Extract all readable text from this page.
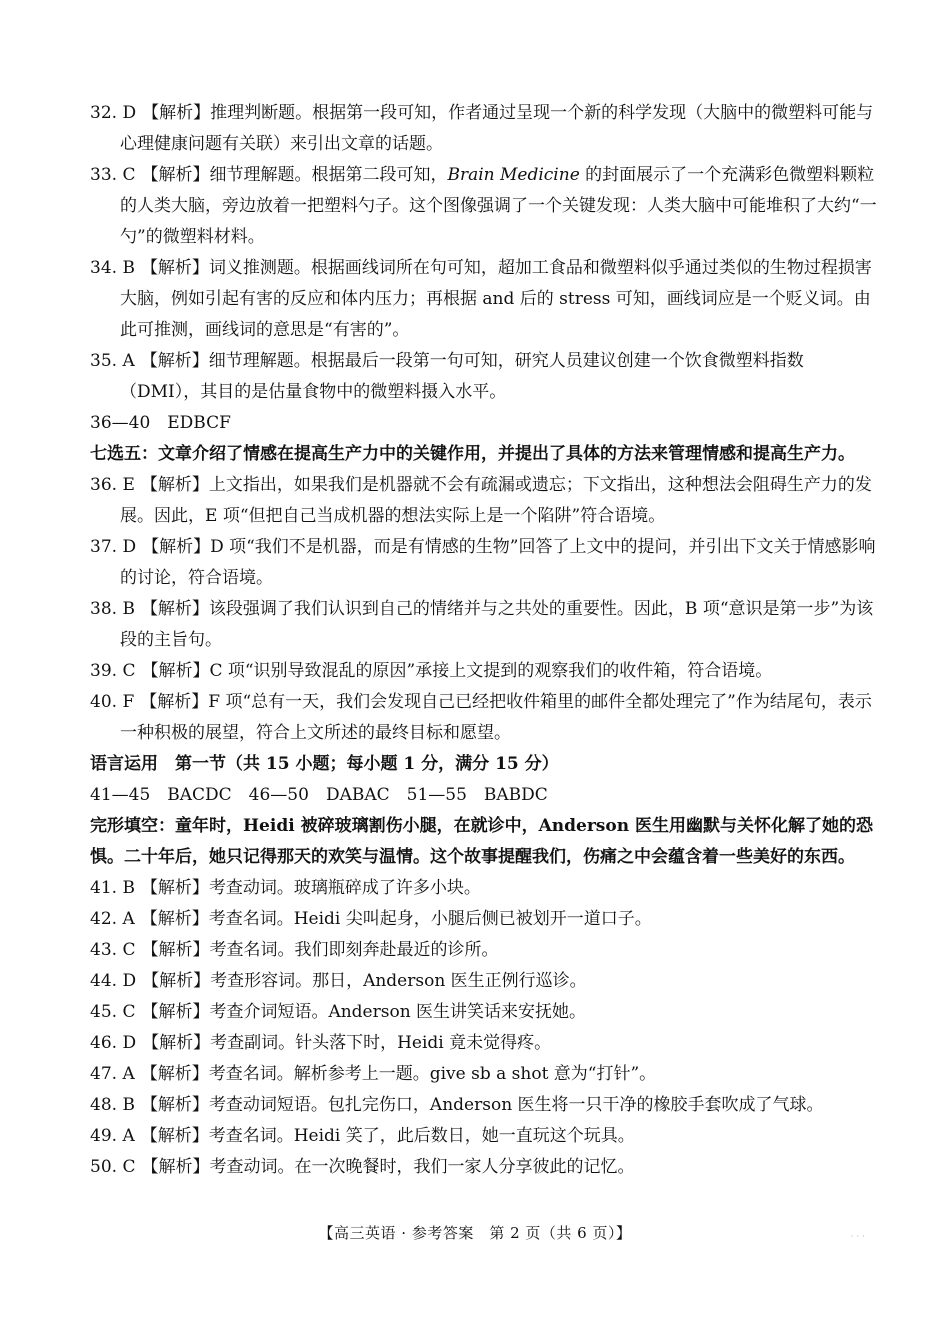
32. D 【解析】推理判断题。根据第一段可知，作者通过呈现一个新的科学发现（大脑中的微塑料可能与心理健康问题有关联）来引出文章的话题。

33. C 【解析】细节理解题。根据第二段可知，Brain Medicine 的封面展示了一个充满彩色微塑料颗粒的人类大脑，旁边放着一把塑料勺子。这个图像强调了一个关键发现：人类大脑中可能堆积了大约“一勺”的微塑料材料。

34. B 【解析】词义推测题。根据画线词所在句可知，超加工食品和微塑料似乎通过类似的生物过程损害大脑，例如引起有害的反应和体内压力；再根据 and 后的 stress 可知，画线词应是一个贬义词。由此可推测，画线词的意思是“有害的”。

35. A 【解析】细节理解题。根据最后一段第一句可知，研究人员建议创建一个饮食微塑料指数（DMI），其目的是估量食物中的微塑料摄入水平。

36—40　EDBCF

七选五：文章介绍了情感在提高生产力中的关键作用，并提出了具体的方法来管理情感和提高生产力。

36. E 【解析】上文指出，如果我们是机器就不会有疏漏或遗忘；下文指出，这种想法会阻碍生产力的发展。因此，E 项“但把自己当成机器的想法实际上是一个陷阱”符合语境。

37. D 【解析】D 项“我们不是机器，而是有情感的生物”回答了上文中的提问，并引出下文关于情感影响的讨论，符合语境。

38. B 【解析】该段强调了我们认识到自己的情绪并与之共处的重要性。因此，B 项“意识是第一步”为该段的主旨句。

39. C 【解析】C 项“识别导致混乱的原因”承接上文提到的观察我们的收件箱，符合语境。

40. F 【解析】F 项“总有一天，我们会发现自己已经把收件箱里的邮件全都处理完了”作为结尾句，表示一种积极的展望，符合上文所述的最终目标和愿望。

语言运用　第一节（共 15 小题；每小题 1 分，满分 15 分）

41—45　BACDC　46—50　DABAC　51—55　BABDC

完形填空：童年时，Heidi 被碎玻璃割伤小腿，在就诊中，Anderson 医生用幽默与关怀化解了她的恐惧。二十年后，她只记得那天的欢笑与温情。这个故事提醒我们，伤痛之中会蕴含着一些美好的东西。

41. B 【解析】考查动词。玻璃瓶碎成了许多小块。

42. A 【解析】考查名词。Heidi 尖叫起身，小腿后侧已被划开一道口子。

43. C 【解析】考查名词。我们即刻奔赴最近的诊所。

44. D 【解析】考查形容词。那日，Anderson 医生正例行巡诊。

45. C 【解析】考查介词短语。Anderson 医生讲笑话来安抚她。

46. D 【解析】考查副词。针头落下时，Heidi 竟未觉得疼。

47. A 【解析】考查名词。解析参考上一题。give sb a shot 意为“打针”。

48. B 【解析】考查动词短语。包扎完伤口，Anderson 医生将一只干净的橡胶手套吹成了气球。

49. A 【解析】考查名词。Heidi 笑了，此后数日，她一直玩这个玩具。

50. C 【解析】考查动词。在一次晚餐时，我们一家人分享彼此的记忆。

【高三英语 · 参考答案　第 2 页（共 6 页）】	· · ·
